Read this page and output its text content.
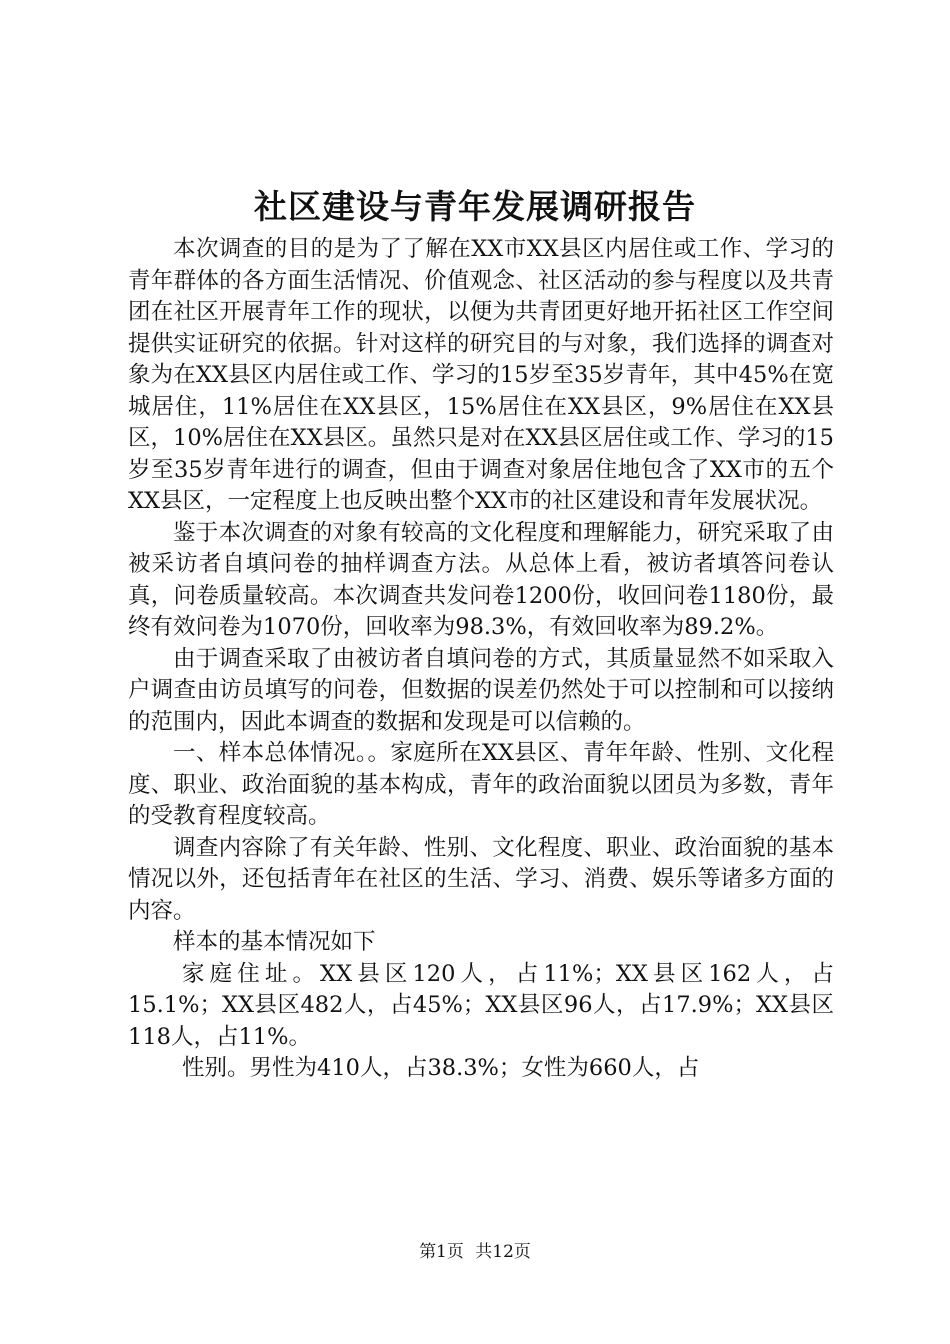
社区建设与青年发展调研报告

本次调查的目的是为了了解在XX市XX县区内居住或工作、学习的青年群体的各方面生活情况、价值观念、社区活动的参与程度以及共青团在社区开展青年工作的现状，以便为共青团更好地开拓社区工作空间提供实证研究的依据。针对这样的研究目的与对象，我们选择的调查对象为在XX县区内居住或工作、学习的15岁至35岁青年，其中45%在宽城居住，11%居住在XX县区，15%居住在XX县区，9%居住在XX县区，10%居住在XX县区。虽然只是对在XX县区居住或工作、学习的15岁至35岁青年进行的调查，但由于调查对象居住地包含了XX市的五个XX县区，一定程度上也反映出整个XX市的社区建设和青年发展状况。

鉴于本次调查的对象有较高的文化程度和理解能力，研究采取了由被采访者自填问卷的抽样调查方法。从总体上看，被访者填答问卷认真，问卷质量较高。本次调查共发问卷1200份，收回问卷1180份，最终有效问卷为1070份，回收率为98.3%，有效回收率为89.2%。

由于调查采取了由被访者自填问卷的方式，其质量显然不如采取入户调查由访员填写的问卷，但数据的误差仍然处于可以控制和可以接纳的范围内，因此本调查的数据和发现是可以信赖的。

一、样本总体情况。。家庭所在XX县区、青年年龄、性别、文化程度、职业、政治面貌的基本构成，青年的政治面貌以团员为多数，青年的受教育程度较高。

调查内容除了有关年龄、性别、文化程度、职业、政治面貌的基本情况以外，还包括青年在社区的生活、学习、消费、娱乐等诸多方面的内容。

样本的基本情况如下

家庭住址。XX县区120人，占11%；XX县区162人，占15.1%；XX县区482人，占45%；XX县区96人，占17.9%；XX县区118人，占11%。

性别。男性为410人，占38.3%；女性为660人，占

第1页 共12页
